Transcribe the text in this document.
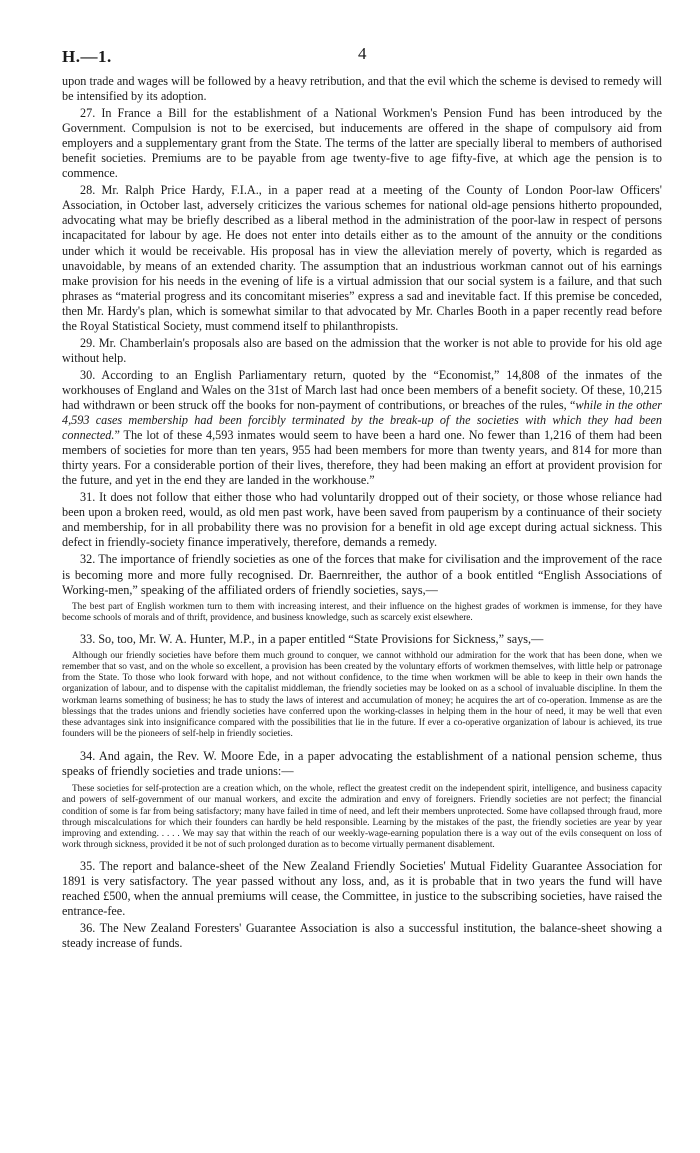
H.—1.	4

upon trade and wages will be followed by a heavy retribution, and that the evil which the scheme is devised to remedy will be intensified by its adoption.

27. In France a Bill for the establishment of a National Workmen's Pension Fund has been introduced by the Government. Compulsion is not to be exercised, but inducements are offered in the shape of compulsory aid from employers and a supplementary grant from the State. The terms of the latter are specially liberal to members of authorised benefit societies. Premiums are to be payable from age twenty-five to age fifty-five, at which age the pension is to commence.

28. Mr. Ralph Price Hardy, F.I.A., in a paper read at a meeting of the County of London Poor-law Officers' Association, in October last, adversely criticizes the various schemes for national old-age pensions hitherto propounded, advocating what may be briefly described as a liberal method in the administration of the poor-law in respect of persons incapacitated for labour by age. He does not enter into details either as to the amount of the annuity or the conditions under which it would be receivable. His proposal has in view the alleviation merely of poverty, which is regarded as unavoidable, by means of an extended charity. The assumption that an industrious workman cannot out of his earnings make provision for his needs in the evening of life is a virtual admission that our social system is a failure, and that such phrases as “material progress and its concomitant miseries” express a sad and inevitable fact. If this premise be conceded, then Mr. Hardy's plan, which is somewhat similar to that advocated by Mr. Charles Booth in a paper recently read before the Royal Statistical Society, must commend itself to philanthropists.

29. Mr. Chamberlain's proposals also are based on the admission that the worker is not able to provide for his old age without help.

30. According to an English Parliamentary return, quoted by the “Economist,” 14,808 of the inmates of the workhouses of England and Wales on the 31st of March last had once been members of a benefit society. Of these, 10,215 had withdrawn or been struck off the books for non-payment of contributions, or breaches of the rules, “while in the other 4,593 cases membership had been forcibly terminated by the break-up of the societies with which they had been connected.” The lot of these 4,593 inmates would seem to have been a hard one. No fewer than 1,216 of them had been members of societies for more than ten years, 955 had been members for more than twenty years, and 814 for more than thirty years. For a considerable portion of their lives, therefore, they had been making an effort at provident provision for the future, and yet in the end they are landed in the workhouse.”

31. It does not follow that either those who had voluntarily dropped out of their society, or those whose reliance had been upon a broken reed, would, as old men past work, have been saved from pauperism by a continuance of their society and membership, for in all probability there was no provision for a benefit in old age except during actual sickness. This defect in friendly-society finance imperatively, therefore, demands a remedy.

32. The importance of friendly societies as one of the forces that make for civilisation and the improvement of the race is becoming more and more fully recognised. Dr. Baernreither, the author of a book entitled “English Associations of Working-men,” speaking of the affiliated orders of friendly societies, says,—

The best part of English workmen turn to them with increasing interest, and their influence on the highest grades of workmen is immense, for they have become schools of morals and of thrift, providence, and business knowledge, such as scarcely exist elsewhere.

33. So, too, Mr. W. A. Hunter, M.P., in a paper entitled “State Provisions for Sickness,” says,—

Although our friendly societies have before them much ground to conquer, we cannot withhold our admiration for the work that has been done, when we remember that so vast, and on the whole so excellent, a provision has been created by the voluntary efforts of workmen themselves, with little help or patronage from the State. To those who look forward with hope, and not without confidence, to the time when workmen will be able to keep in their own hands the organization of labour, and to dispense with the capitalist middleman, the friendly societies may be looked on as a school of invaluable discipline. In them the workman learns something of business; he has to study the laws of interest and accumulation of money; he acquires the art of co-operation. Immense as are the blessings that the trades unions and friendly societies have conferred upon the working-classes in helping them in the hour of need, it may be well that even these advantages sink into insignificance compared with the possibilities that lie in the future. If ever a co-operative organization of labour is achieved, its true founders will be the pioneers of self-help in friendly societies.

34. And again, the Rev. W. Moore Ede, in a paper advocating the establishment of a national pension scheme, thus speaks of friendly societies and trade unions:—

These societies for self-protection are a creation which, on the whole, reflect the greatest credit on the independent spirit, intelligence, and business capacity and powers of self-government of our manual workers, and excite the admiration and envy of foreigners. Friendly societies are not perfect; the financial condition of some is far from being satisfactory; many have failed in time of need, and left their members unprotected. Some have collapsed through fraud, more through miscalculations for which their founders can hardly be held responsible. Learning by the mistakes of the past, the friendly societies are year by year improving and extending. . . . . We may say that within the reach of our weekly-wage-earning population there is a way out of the evils consequent on loss of work through sickness, provided it be not of such prolonged duration as to become virtually permanent disablement.

35. The report and balance-sheet of the New Zealand Friendly Societies' Mutual Fidelity Guarantee Association for 1891 is very satisfactory. The year passed without any loss, and, as it is probable that in two years the fund will have reached £500, when the annual premiums will cease, the Committee, in justice to the subscribing societies, have raised the entrance-fee.

36. The New Zealand Foresters' Guarantee Association is also a successful institution, the balance-sheet showing a steady increase of funds.
